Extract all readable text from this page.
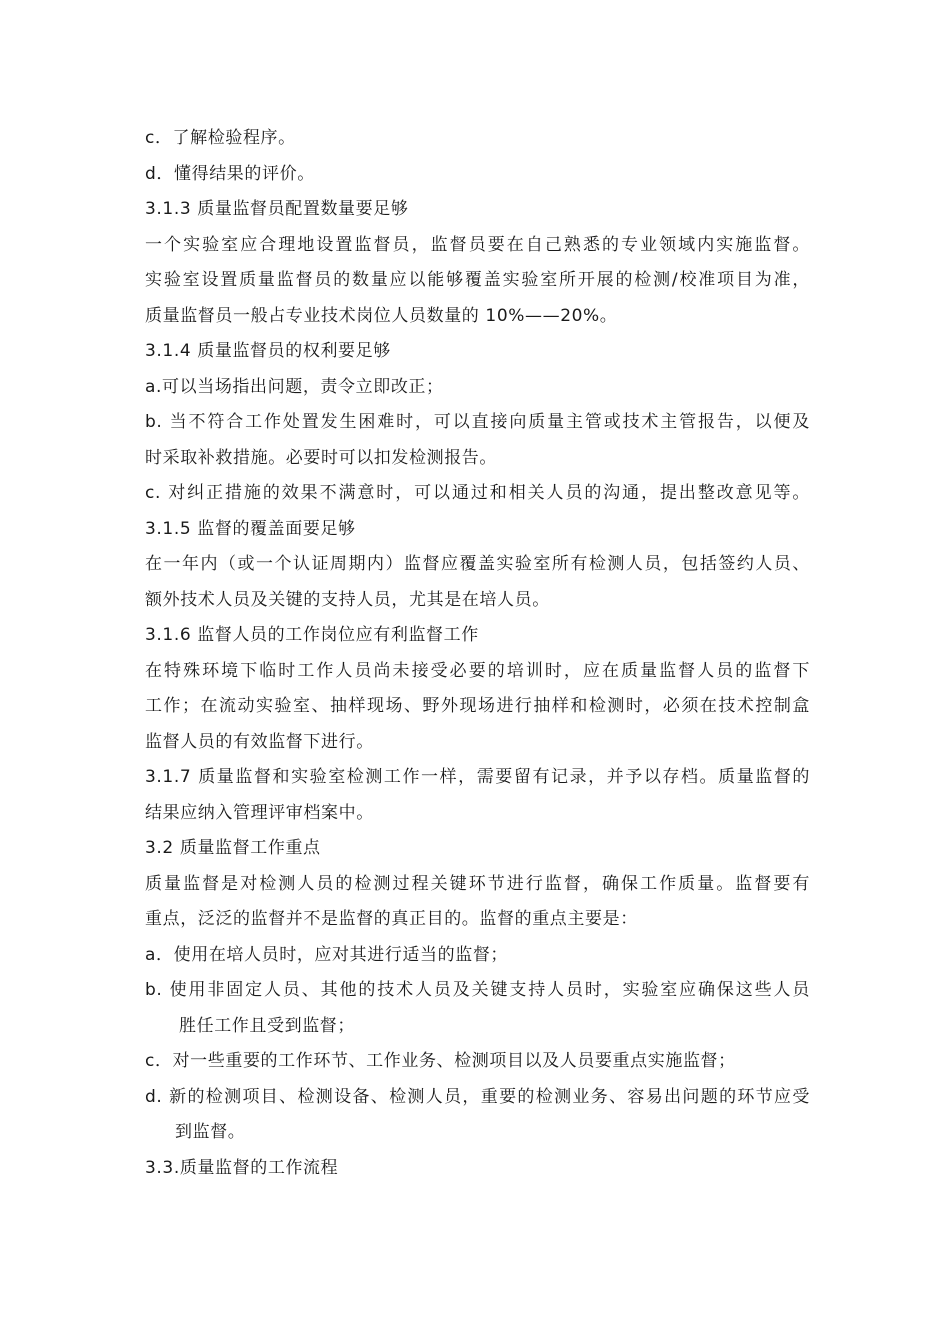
c．了解检验程序。
d．懂得结果的评价。
3.1.3 质量监督员配置数量要足够
一个实验室应合理地设置监督员，监督员要在自己熟悉的专业领域内实施监督。
实验室设置质量监督员的数量应以能够覆盖实验室所开展的检测/校准项目为准，
质量监督员一般占专业技术岗位人员数量的 10%——20%。
3.1.4 质量监督员的权利要足够
a.可以当场指出问题，责令立即改正；
b. 当不符合工作处置发生困难时，可以直接向质量主管或技术主管报告，以便及
时采取补救措施。必要时可以扣发检测报告。
c. 对纠正措施的效果不满意时，可以通过和相关人员的沟通，提出整改意见等。
3.1.5 监督的覆盖面要足够
在一年内（或一个认证周期内）监督应覆盖实验室所有检测人员，包括签约人员、
额外技术人员及关键的支持人员，尤其是在培人员。
3.1.6 监督人员的工作岗位应有利监督工作
在特殊环境下临时工作人员尚未接受必要的培训时，应在质量监督人员的监督下
工作；在流动实验室、抽样现场、野外现场进行抽样和检测时，必须在技术控制盒
监督人员的有效监督下进行。
3.1.7 质量监督和实验室检测工作一样，需要留有记录，并予以存档。质量监督的
结果应纳入管理评审档案中。
3.2 质量监督工作重点
质量监督是对检测人员的检测过程关键环节进行监督，确保工作质量。监督要有
重点，泛泛的监督并不是监督的真正目的。监督的重点主要是：
a．使用在培人员时，应对其进行适当的监督；
b. 使用非固定人员、其他的技术人员及关键支持人员时，实验室应确保这些人员
胜任工作且受到监督；
c．对一些重要的工作环节、工作业务、检测项目以及人员要重点实施监督；
d. 新的检测项目、检测设备、检测人员，重要的检测业务、容易出问题的环节应受
到监督。
3.3.质量监督的工作流程
